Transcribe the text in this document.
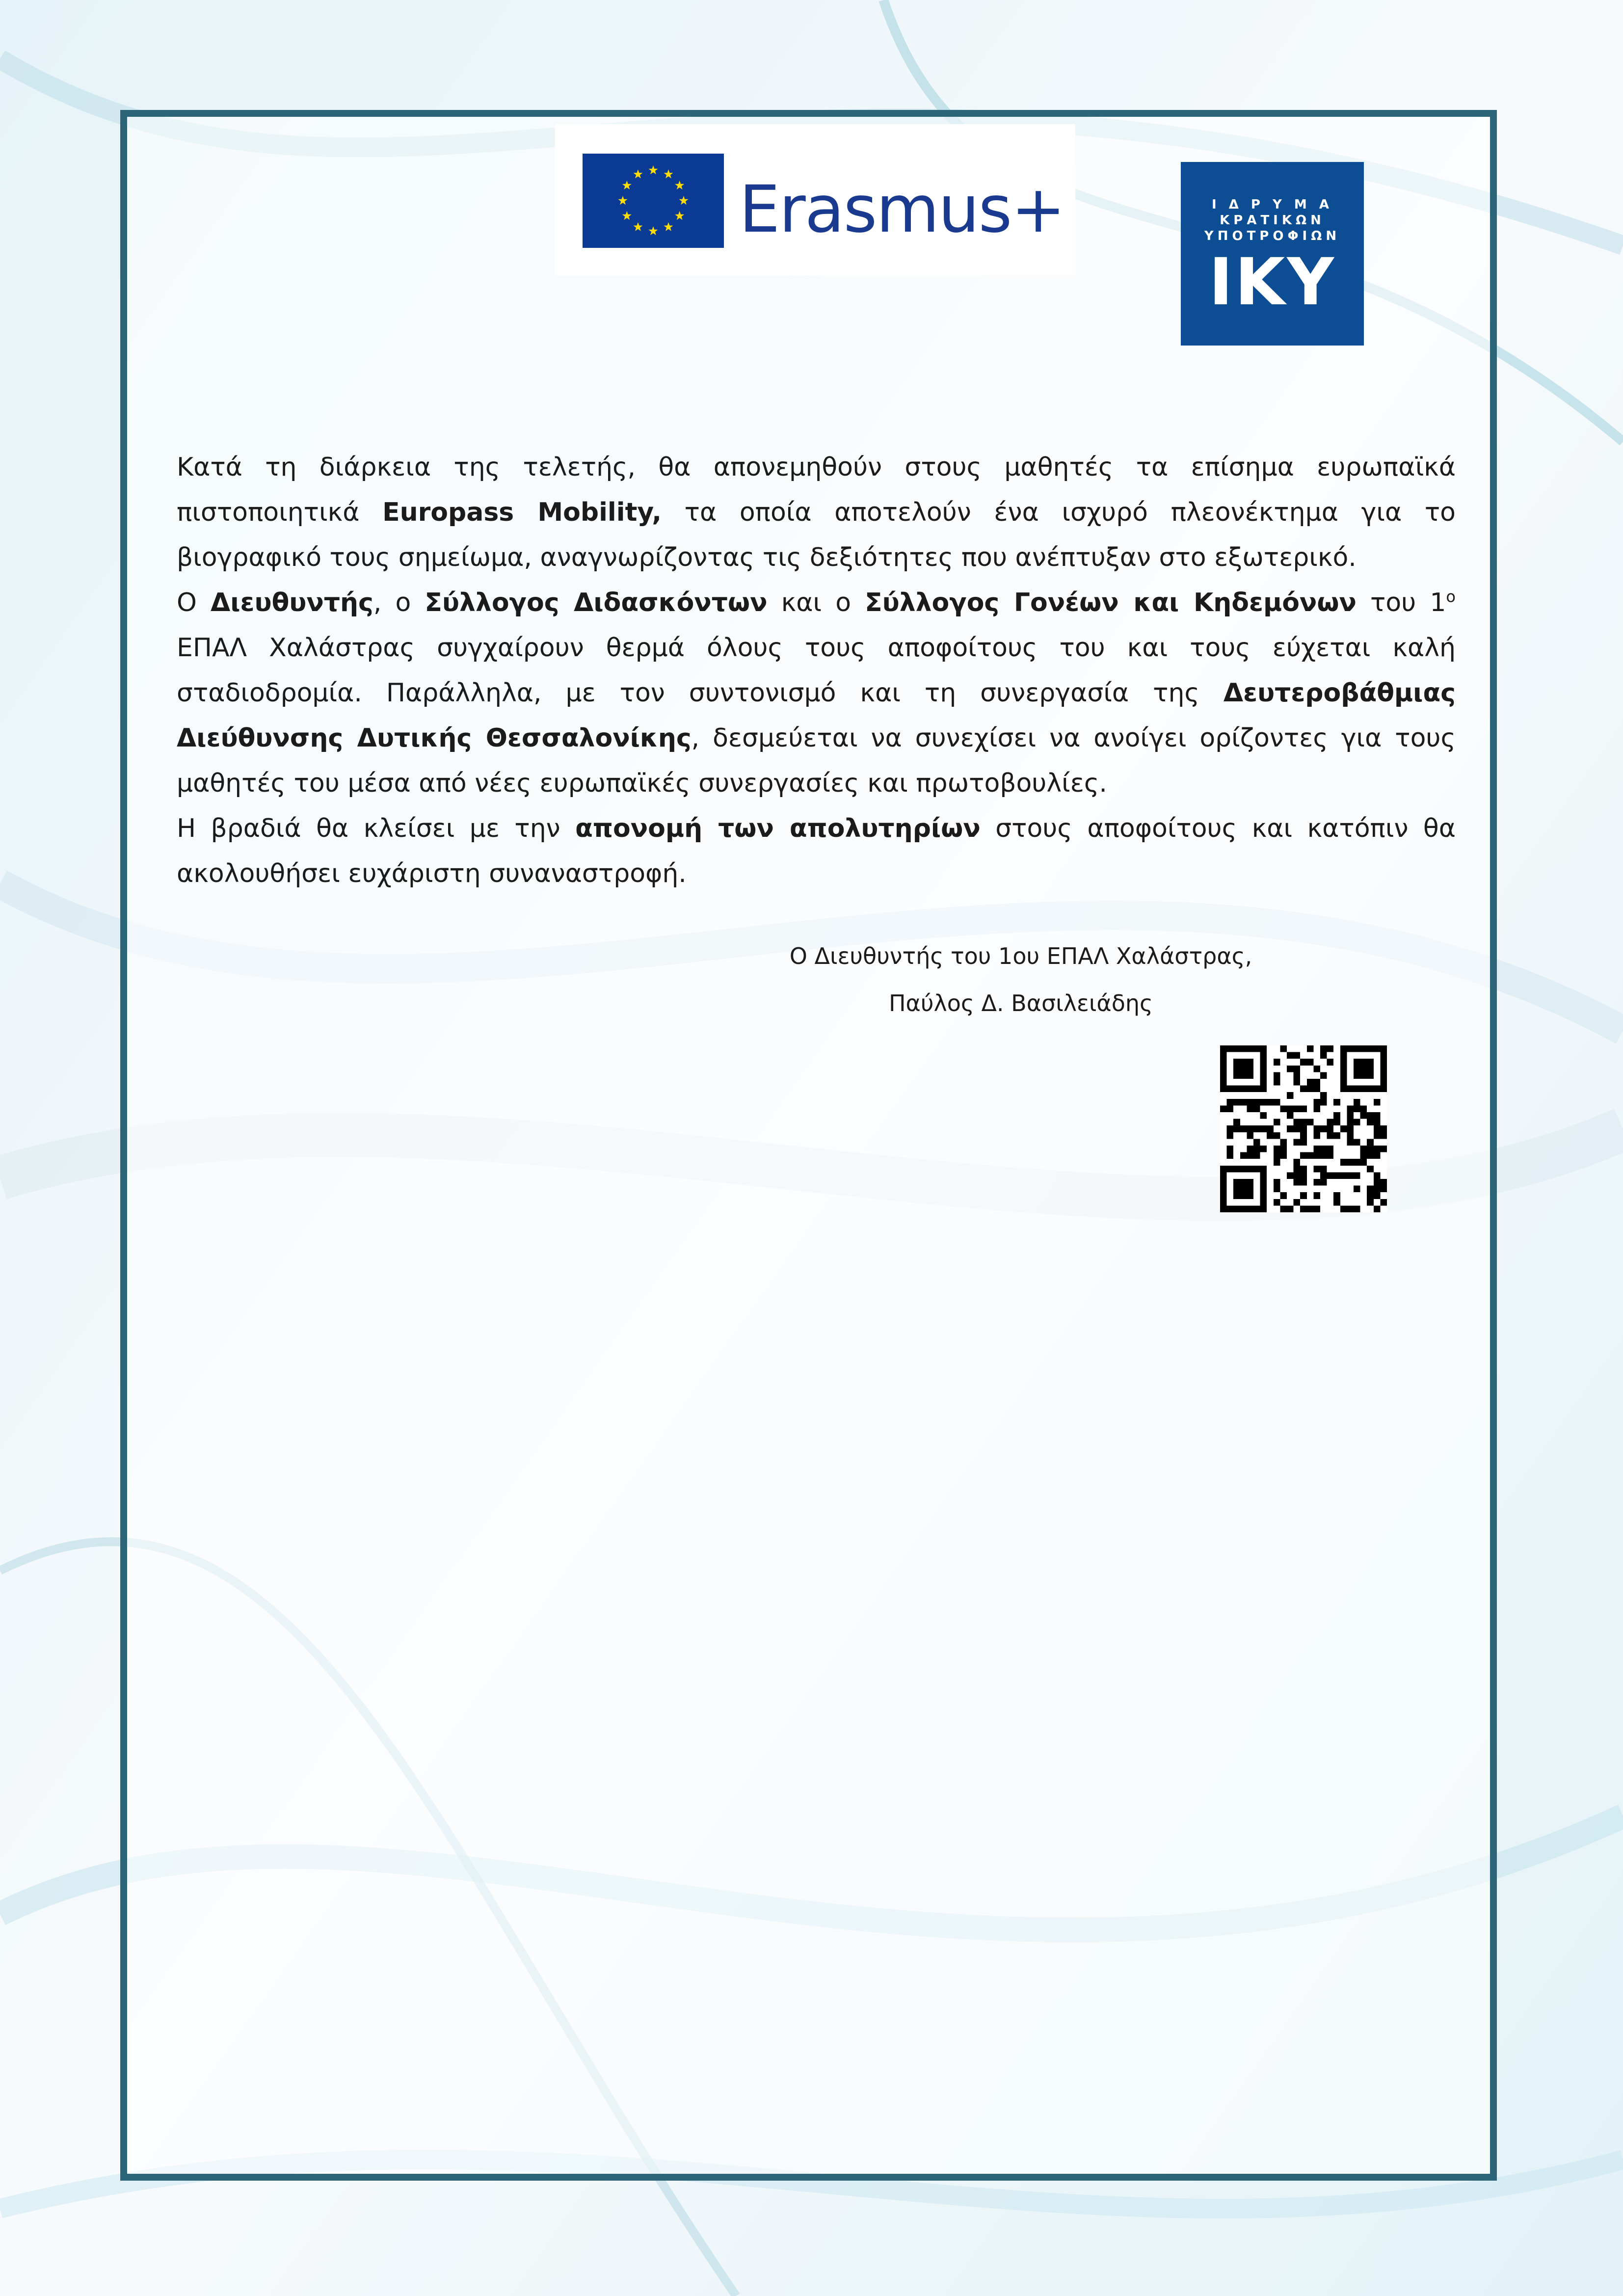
Erasmus+	Ι Δ Ρ Υ Μ Α
ΚΡΑΤΙΚΩΝ
ΥΠΟΤΡΟΦΙΩΝ
IKY

Κατά τη διάρκεια της τελετής, θα απονεμηθούν στους μαθητές τα επίσημα ευρωπαϊκά πιστοποιητικά Europass Mobility, τα οποία αποτελούν ένα ισχυρό πλεονέκτημα για το βιογραφικό τους σημείωμα, αναγνωρίζοντας τις δεξιότητες που ανέπτυξαν στο εξωτερικό.

Ο Διευθυντής, ο Σύλλογος Διδασκόντων και ο Σύλλογος Γονέων και Κηδεμόνων του $1^o$ ΕΠΑΛ Χαλάστρας συγχαίρουν θερμά όλους τους αποφοίτους του και τους εύχεται καλή σταδιοδρομία. Παράλληλα, με τον συντονισμό και τη συνεργασία της Δευτεροβάθμιας Διεύθυνσης Δυτικής Θεσσαλονίκης, δεσμεύεται να συνεχίσει να ανοίγει ορίζοντες για τους μαθητές του μέσα από νέες ευρωπαϊκές συνεργασίες και πρωτοβουλίες.

Η βραδιά θα κλείσει με την απονομή των απολυτηρίων στους αποφοίτους και κατόπιν θα ακολουθήσει ευχάριστη συναναστροφή.

Ο Διευθυντής του 1ου ΕΠΑΛ Χαλάστρας,
Παύλος Δ. Βασιλειάδης
